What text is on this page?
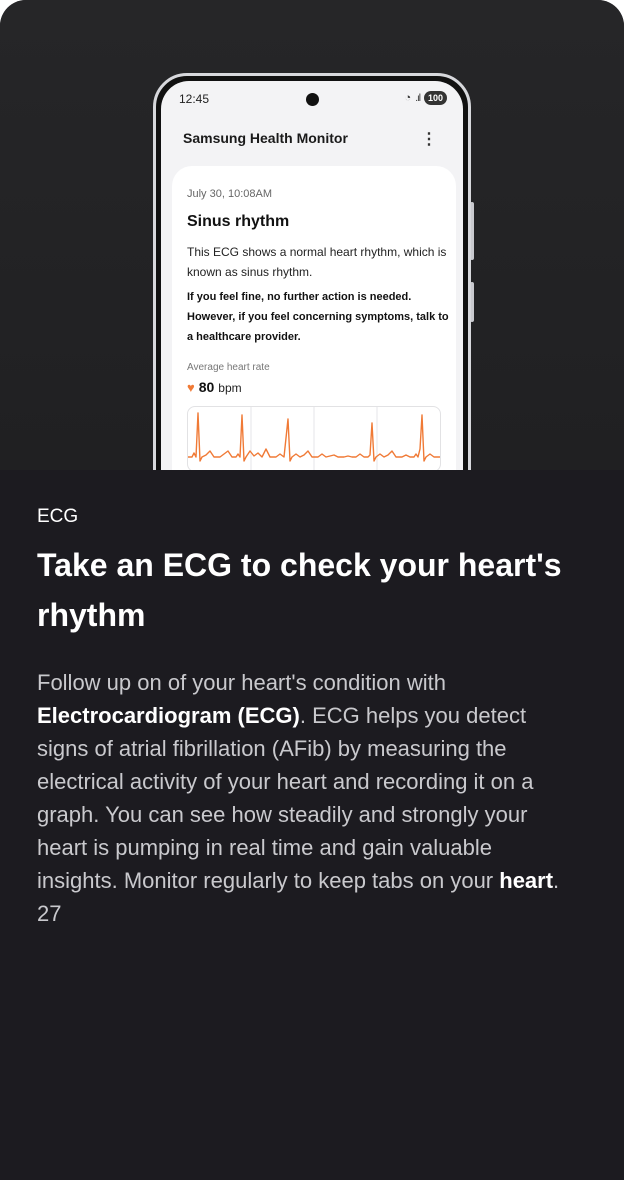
12:45	◔ .ıl 100
Samsung Health Monitor	⋮
July 30, 10:08AM
Sinus rhythm
This ECG shows a normal heart rhythm, which is known as sinus rhythm.
If you feel fine, no further action is needed. However, if you feel concerning symptoms, talk to a healthcare provider.
Average heart rate
♥ 80 bpm
ECG
Take an ECG to check your heart's rhythm
Follow up on of your heart's condition with Electrocardiogram (ECG). ECG helps you detect signs of atrial fibrillation (AFib) by measuring the electrical activity of your heart and recording it on a graph. You can see how steadily and strongly your heart is pumping in real time and gain valuable insights. Monitor regularly to keep tabs on your heart. 27
